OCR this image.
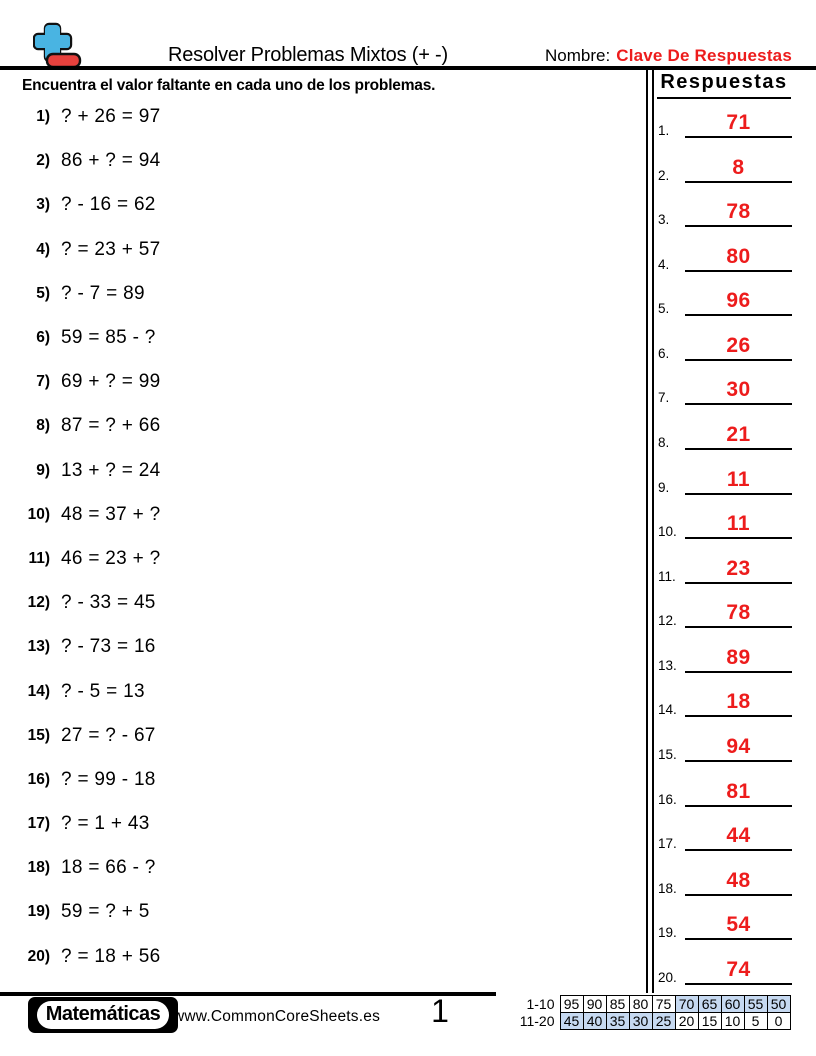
Resolver Problemas Mixtos (+ -)	Nombre: Clave De Respuestas
Encuentra el valor faltante en cada uno de los problemas.
1) ? + 26 = 97
2) 86 + ? = 94
3) ? - 16 = 62
4) ? = 23 + 57
5) ? - 7 = 89
6) 59 = 85 - ?
7) 69 + ? = 99
8) 87 = ? + 66
9) 13 + ? = 24
10) 48 = 37 + ?
11) 46 = 23 + ?
12) ? - 33 = 45
13) ? - 73 = 16
14) ? - 5 = 13
15) 27 = ? - 67
16) ? = 99 - 18
17) ? = 1 + 43
18) 18 = 66 - ?
19) 59 = ? + 5
20) ? = 18 + 56
Respuestas
1.	71
2.	8
3.	78
4.	80
5.	96
6.	26
7.	30
8.	21
9.	11
10.	11
11.	23
12.	78
13.	89
14.	18
15.	94
16.	81
17.	44
18.	48
19.	54
20.	74
Matemáticas www.CommonCoreSheets.es	1	1-10	95	90	85	80	75	70	65	60	55	50
11-20	45	40	35	30	25	20	15	10	5	0
